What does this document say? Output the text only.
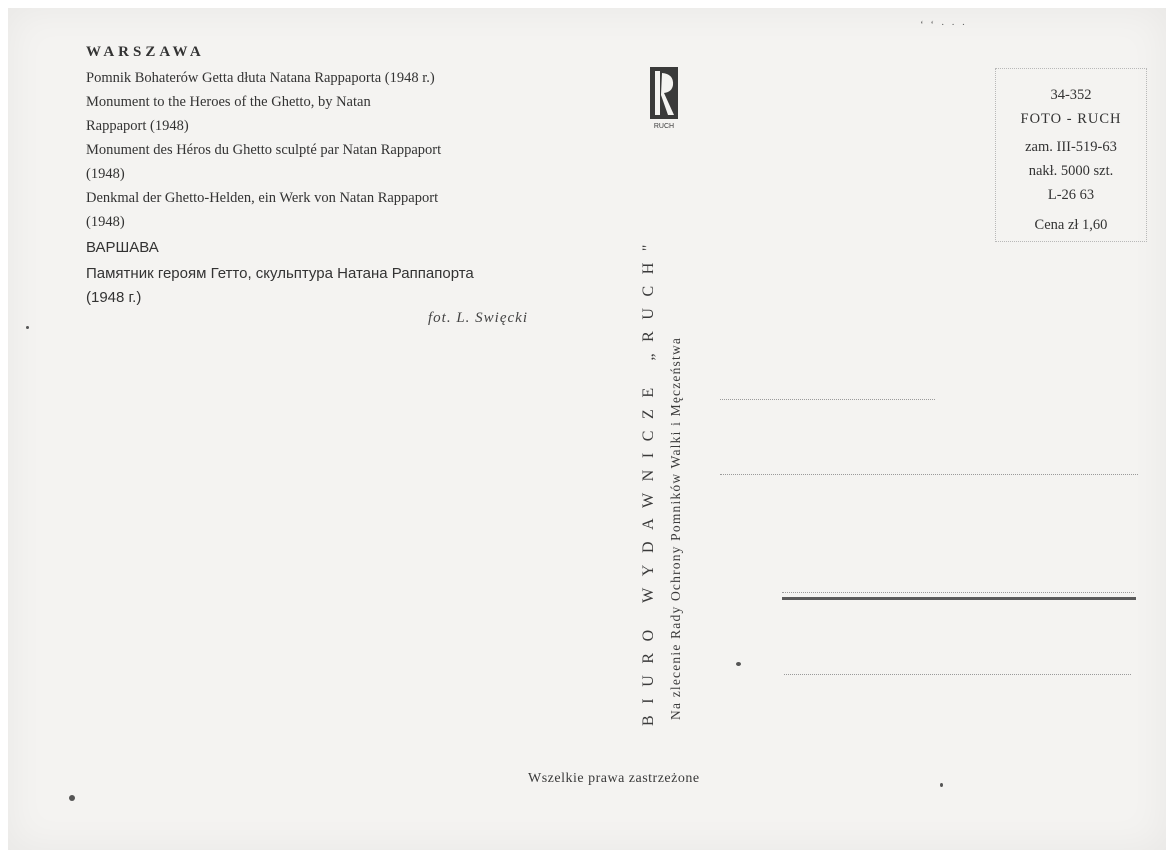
‘ ‘ · · ·
WARSZAWA
Pomnik Bohaterów Getta dłuta Natana Rappaporta (1948 r.)
Monument to the Heroes of the Ghetto, by Natan
Rappaport (1948)
Monument des Héros du Ghetto sculpté par Natan Rappaport
(1948)
Denkmal der Ghetto-Helden, ein Werk von Natan Rappaport
(1948)
ВАРШАВА
Памятник героям Гетто, скульптура Натана Раппапорта
(1948 г.)
fot. L. Swięcki
RUCH
BIURO WYDAWNICZE „RUCH" Na zlecenie Rady Ochrony Pomników Walki i Męczeństwa
34-352
FOTO - RUCH
zam. III-519-63
nakł. 5000 szt.
L-26 63
Cena zł 1,60
Wszelkie prawa zastrzeżone
